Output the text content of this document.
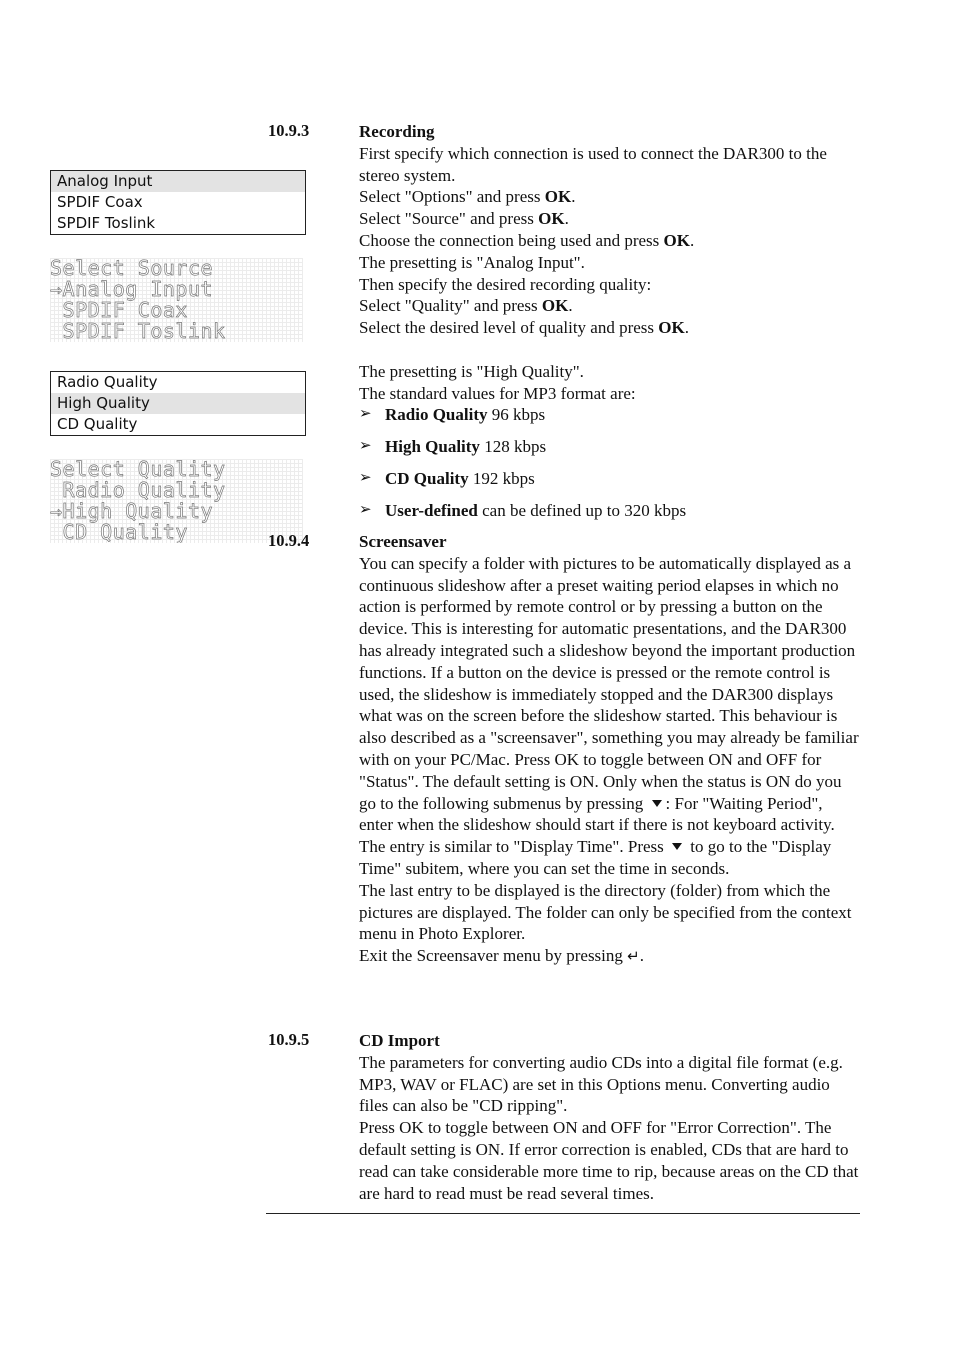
Analog Input
SPDIF Coax
SPDIF Toslink
Select Source
→Analog Input
SPDIF Coax
SPDIF Toslink
Radio Quality
High Quality
CD Quality
Select Quality
Radio Quality
→High Quality
CD Quality
10.9.3	Recording

First specify which connection is used to connect the DAR300 to the stereo system.

Select "Options" and press OK.

Select "Source" and press OK.

Choose the connection being used and press OK.

The presetting is "Analog Input".

Then specify the desired recording quality:

Select "Quality" and press OK.

Select the desired level of quality and press OK.

The presetting is "High Quality".

The standard values for MP3 format are:

➢ Radio Quality 96 kbps
➢ High Quality 128 kbps
➢ CD Quality 192 kbps
➢ User-defined can be defined up to 320 kbps
10.9.4	Screensaver

You can specify a folder with pictures to be automatically displayed as a continuous slideshow after a preset waiting period elapses in which no action is performed by remote control or by pressing a button on the device. This is interesting for automatic presentations, and the DAR300 has already integrated such a slideshow beyond the important production functions. If a button on the device is pressed or the remote control is used, the slideshow is immediately stopped and the DAR300 displays what was on the screen before the slideshow started. This behaviour is also described as a "screensaver", something you may already be familiar with on your PC/Mac. Press OK to toggle between ON and OFF for "Status". The default setting is ON. Only when the status is ON do you go to the following submenus by pressing : For "Waiting Period", enter when the slideshow should start if there is not keyboard activity. The entry is similar to "Display Time". Press to go to the "Display Time" subitem, where you can set the time in seconds.

The last entry to be displayed is the directory (folder) from which the pictures are displayed. The folder can only be specified from the context menu in Photo Explorer.

Exit the Screensaver menu by pressing ↵.

10.9.5	CD Import

The parameters for converting audio CDs into a digital file format (e.g. MP3, WAV or FLAC) are set in this Options menu. Converting audio files can also be "CD ripping".

Press OK to toggle between ON and OFF for "Error Correction". The default setting is ON. If error correction is enabled, CDs that are hard to read can take considerable more time to rip, because areas on the CD that are hard to read must be read several times.
